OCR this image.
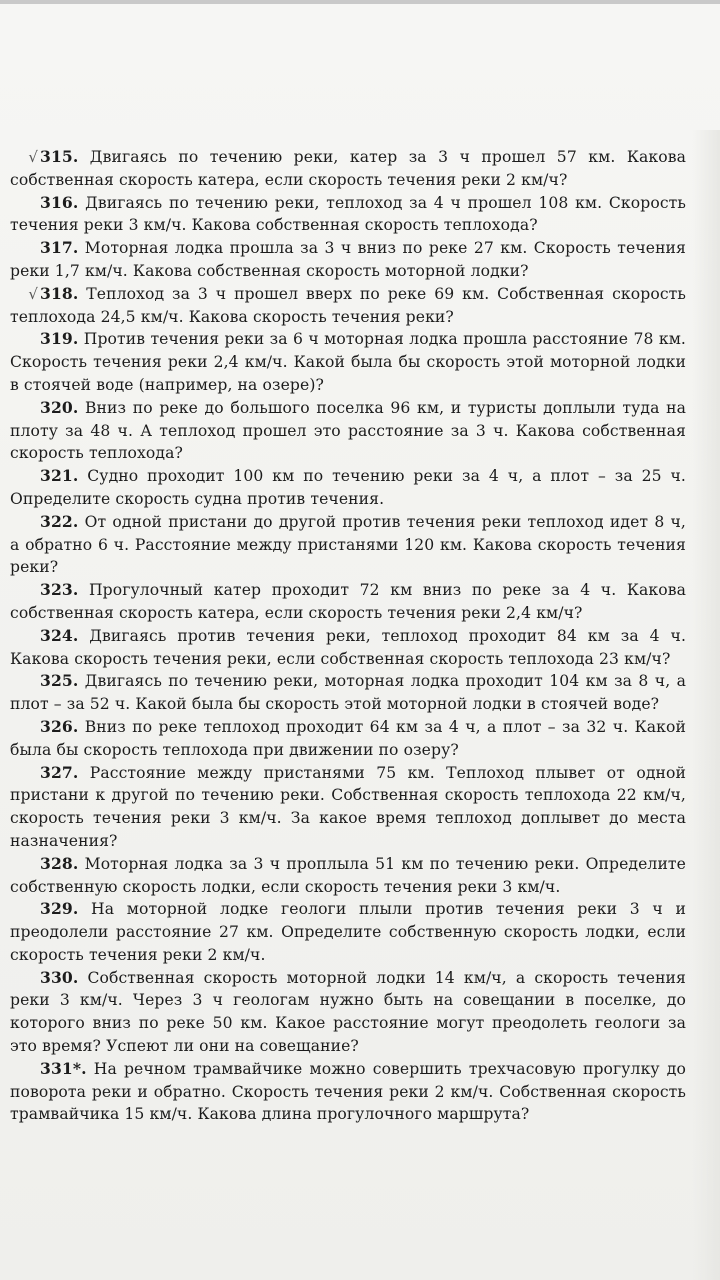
√ 315. Двигаясь по течению реки, катер за 3 ч прошел 57 км. Какова собственная скорость катера, если скорость течения реки 2 км/ч?

316. Двигаясь по течению реки, теплоход за 4 ч прошел 108 км. Скорость течения реки 3 км/ч. Какова собственная скорость теплохода?

317. Моторная лодка прошла за 3 ч вниз по реке 27 км. Скорость течения реки 1,7 км/ч. Какова собственная скорость моторной лодки?

√ 318. Теплоход за 3 ч прошел вверх по реке 69 км. Собственная скорость теплохода 24,5 км/ч. Какова скорость течения реки?

319. Против течения реки за 6 ч моторная лодка прошла расстояние 78 км. Скорость течения реки 2,4 км/ч. Какой была бы скорость этой моторной лодки в стоячей воде (например, на озере)?

320. Вниз по реке до большого поселка 96 км, и туристы доплыли туда на плоту за 48 ч. А теплоход прошел это расстояние за 3 ч. Какова собственная скорость теплохода?

321. Судно проходит 100 км по течению реки за 4 ч, а плот – за 25 ч. Определите скорость судна против течения.

322. От одной пристани до другой против течения реки теплоход идет 8 ч, а обратно 6 ч. Расстояние между пристанями 120 км. Какова скорость течения реки?

323. Прогулочный катер проходит 72 км вниз по реке за 4 ч. Какова собственная скорость катера, если скорость течения реки 2,4 км/ч?

324. Двигаясь против течения реки, теплоход проходит 84 км за 4 ч. Какова скорость течения реки, если собственная скорость теплохода 23 км/ч?

325. Двигаясь по течению реки, моторная лодка проходит 104 км за 8 ч, а плот – за 52 ч. Какой была бы скорость этой моторной лодки в стоячей воде?

326. Вниз по реке теплоход проходит 64 км за 4 ч, а плот – за 32 ч. Какой была бы скорость теплохода при движении по озеру?

327. Расстояние между пристанями 75 км. Теплоход плывет от одной пристани к другой по течению реки. Собственная скорость теплохода 22 км/ч, скорость течения реки 3 км/ч. За какое время теплоход доплывет до места назначения?

328. Моторная лодка за 3 ч проплыла 51 км по течению реки. Определите собственную скорость лодки, если скорость течения реки 3 км/ч.

329. На моторной лодке геологи плыли против течения реки 3 ч и преодолели расстояние 27 км. Определите собственную скорость лодки, если скорость течения реки 2 км/ч.

330. Собственная скорость моторной лодки 14 км/ч, а скорость течения реки 3 км/ч. Через 3 ч геологам нужно быть на совещании в поселке, до которого вниз по реке 50 км. Какое расстояние могут преодолеть геологи за это время? Успеют ли они на совещание?

331*. На речном трамвайчике можно совершить трехчасовую прогулку до поворота реки и обратно. Скорость течения реки 2 км/ч. Собственная скорость трамвайчика 15 км/ч. Какова длина прогулочного маршрута?
